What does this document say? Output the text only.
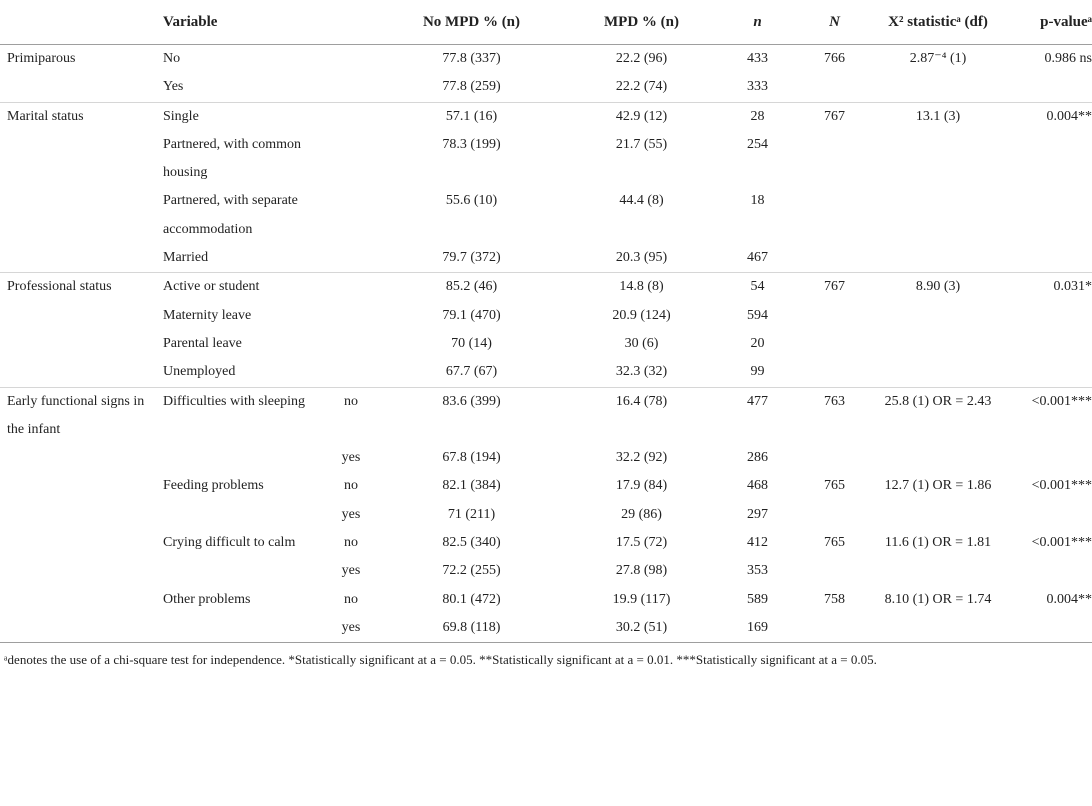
	Variable		No MPD % (n)	MPD % (n)	n	N	X² statisticᵃ (df)	p-valueᵃ
Primiparous	No		77.8 (337)	22.2 (96)	433	766	2.87⁻⁴ (1)	0.986 ns
	Yes		77.8 (259)	22.2 (74)	333			
Marital status	Single		57.1 (16)	42.9 (12)	28	767	13.1 (3)	0.004**
	Partnered, with common housing		78.3 (199)	21.7 (55)	254			
	Partnered, with separate accommodation		55.6 (10)	44.4 (8)	18			
	Married		79.7 (372)	20.3 (95)	467			
Professional status	Active or student		85.2 (46)	14.8 (8)	54	767	8.90 (3)	0.031*
	Maternity leave		79.1 (470)	20.9 (124)	594			
	Parental leave		70 (14)	30 (6)	20			
	Unemployed		67.7 (67)	32.3 (32)	99			
Early functional signs in the infant	Difficulties with sleeping	no	83.6 (399)	16.4 (78)	477	763	25.8 (1) OR = 2.43	<0.001***
		yes	67.8 (194)	32.2 (92)	286			
	Feeding problems	no	82.1 (384)	17.9 (84)	468	765	12.7 (1) OR = 1.86	<0.001***
		yes	71 (211)	29 (86)	297			
	Crying difficult to calm	no	82.5 (340)	17.5 (72)	412	765	11.6 (1) OR = 1.81	<0.001***
		yes	72.2 (255)	27.8 (98)	353			
	Other problems	no	80.1 (472)	19.9 (117)	589	758	8.10 (1) OR = 1.74	0.004**
		yes	69.8 (118)	30.2 (51)	169			
ᵃdenotes the use of a chi-square test for independence. *Statistically significant at a = 0.05. **Statistically significant at a = 0.01. ***Statistically significant at a = 0.05.								
